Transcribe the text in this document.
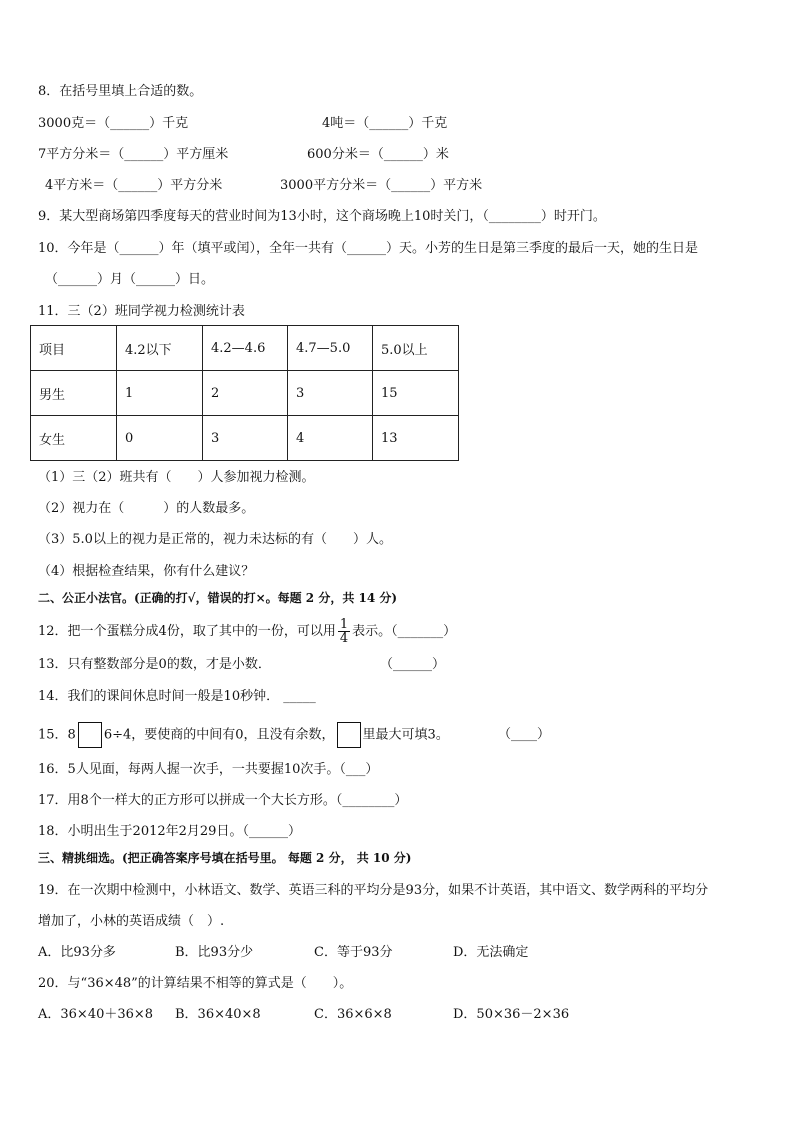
8．在括号里填上合适的数。
3000克＝（______）千克	4吨＝（______）千克
7平方分米＝（______）平方厘米	600分米＝（______）米
4平方米＝（______）平方分米	3000平方分米＝（______）平方米
9．某大型商场第四季度每天的营业时间为13小时，这个商场晚上10时关门，（________）时开门。
10．今年是（______）年（填平或闰），全年一共有（______）天。小芳的生日是第三季度的最后一天，她的生日是
（______）月（______）日。
11．三（2）班同学视力检测统计表
项目	4.2以下	4.2—4.6	4.7—5.0	5.0以上
男生	1	2	3	15
女生	0	3	4	13
（1）三（2）班共有（　　）人参加视力检测。
（2）视力在（　　　）的人数最多。
（3）5.0以上的视力是正常的，视力未达标的有（　　）人。
（4）根据检查结果，你有什么建议？
二、公正小法官。(正确的打√，错误的打×。每题 2 分，共 14 分)
12．把一个蛋糕分成4份，取了其中的一份，可以用 $\frac{1}{4}$ 表示。（_______）
13．只有整数部分是0的数，才是小数．	（______）
14．我们的课间休息时间一般是10秒钟． _____
15．8 6÷4，要使商的中间有0，且没有余数， 里最大可填3。	（____）
16．5人见面，每两人握一次手，一共要握10次手。（___）
17．用8个一样大的正方形可以拼成一个大长方形。（________）
18．小明出生于2012年2月29日。（______）
三、精挑细选。(把正确答案序号填在括号里。 每题 2 分， 共 10 分)
19．在一次期中检测中，小林语文、数学、英语三科的平均分是93分，如果不计英语，其中语文、数学两科的平均分
增加了，小林的英语成绩（　）.
A．比93分多	B．比93分少	C．等于93分	D．无法确定
20．与“36×48”的计算结果不相等的算式是（　　）。
A．36×40＋36×8 B．36×40×8	C．36×6×8	D．50×36－2×36
